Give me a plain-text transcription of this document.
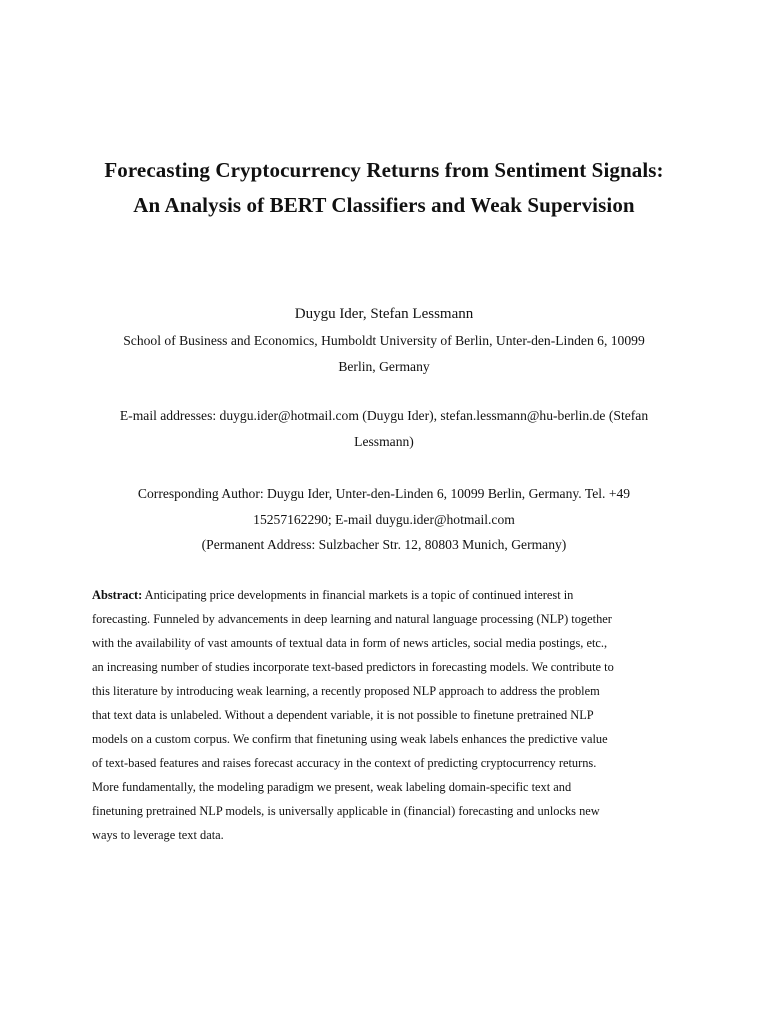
Forecasting Cryptocurrency Returns from Sentiment Signals:
An Analysis of BERT Classifiers and Weak Supervision
Duygu Ider, Stefan Lessmann
School of Business and Economics, Humboldt University of Berlin, Unter-den-Linden 6, 10099
Berlin, Germany
E-mail addresses: duygu.ider@hotmail.com (Duygu Ider), stefan.lessmann@hu-berlin.de (Stefan
Lessmann)
Corresponding Author: Duygu Ider, Unter-den-Linden 6, 10099 Berlin, Germany. Tel. +49
15257162290; E-mail duygu.ider@hotmail.com
(Permanent Address: Sulzbacher Str. 12, 80803 Munich, Germany)
Abstract: Anticipating price developments in financial markets is a topic of continued interest in
forecasting. Funneled by advancements in deep learning and natural language processing (NLP) together
with the availability of vast amounts of textual data in form of news articles, social media postings, etc.,
an increasing number of studies incorporate text-based predictors in forecasting models. We contribute to
this literature by introducing weak learning, a recently proposed NLP approach to address the problem
that text data is unlabeled. Without a dependent variable, it is not possible to finetune pretrained NLP
models on a custom corpus. We confirm that finetuning using weak labels enhances the predictive value
of text-based features and raises forecast accuracy in the context of predicting cryptocurrency returns.
More fundamentally, the modeling paradigm we present, weak labeling domain-specific text and
finetuning pretrained NLP models, is universally applicable in (financial) forecasting and unlocks new
ways to leverage text data.
